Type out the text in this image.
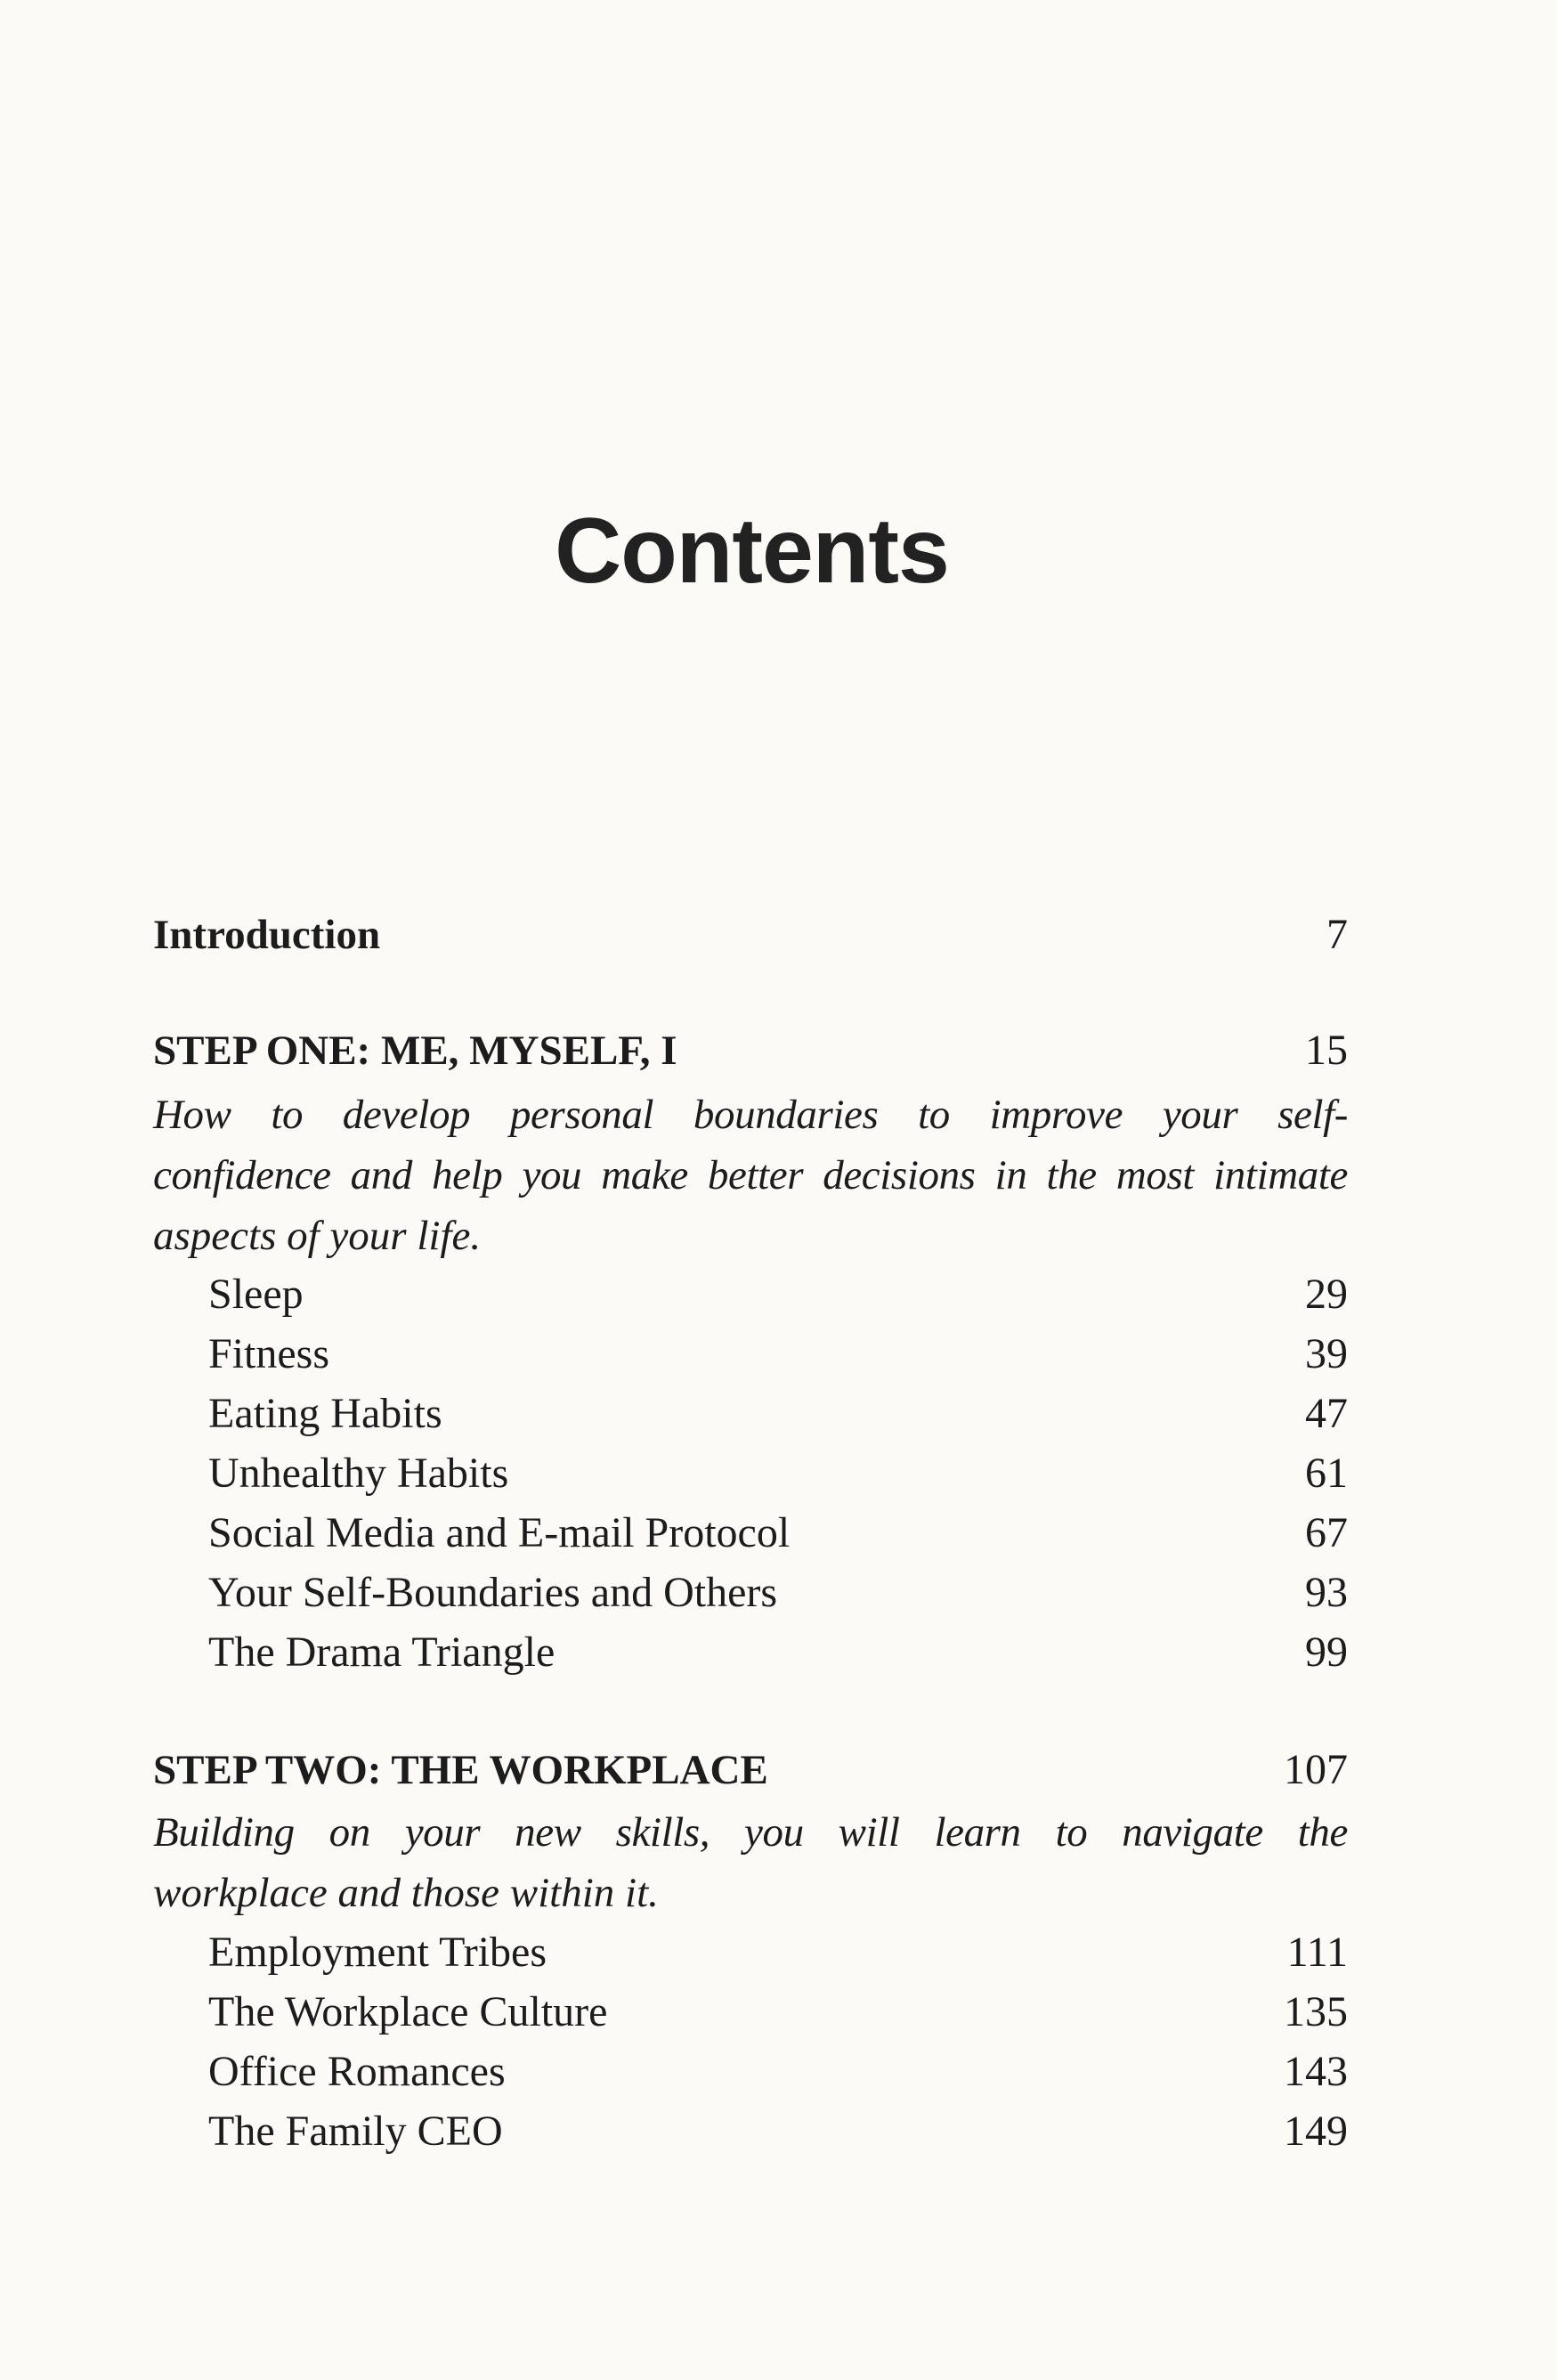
Contents
Introduction	7
STEP ONE: ME, MYSELF, I	15
How to develop personal boundaries to improve your self-
confidence and help you make better decisions in the most intimate
aspects of your life.
Sleep	29
Fitness	39
Eating Habits	47
Unhealthy Habits	61
Social Media and E-mail Protocol	67
Your Self-Boundaries and Others	93
The Drama Triangle	99
STEP TWO: THE WORKPLACE	107
Building on your new skills, you will learn to navigate the
workplace and those within it.
Employment Tribes	111
The Workplace Culture	135
Office Romances	143
The Family CEO	149
